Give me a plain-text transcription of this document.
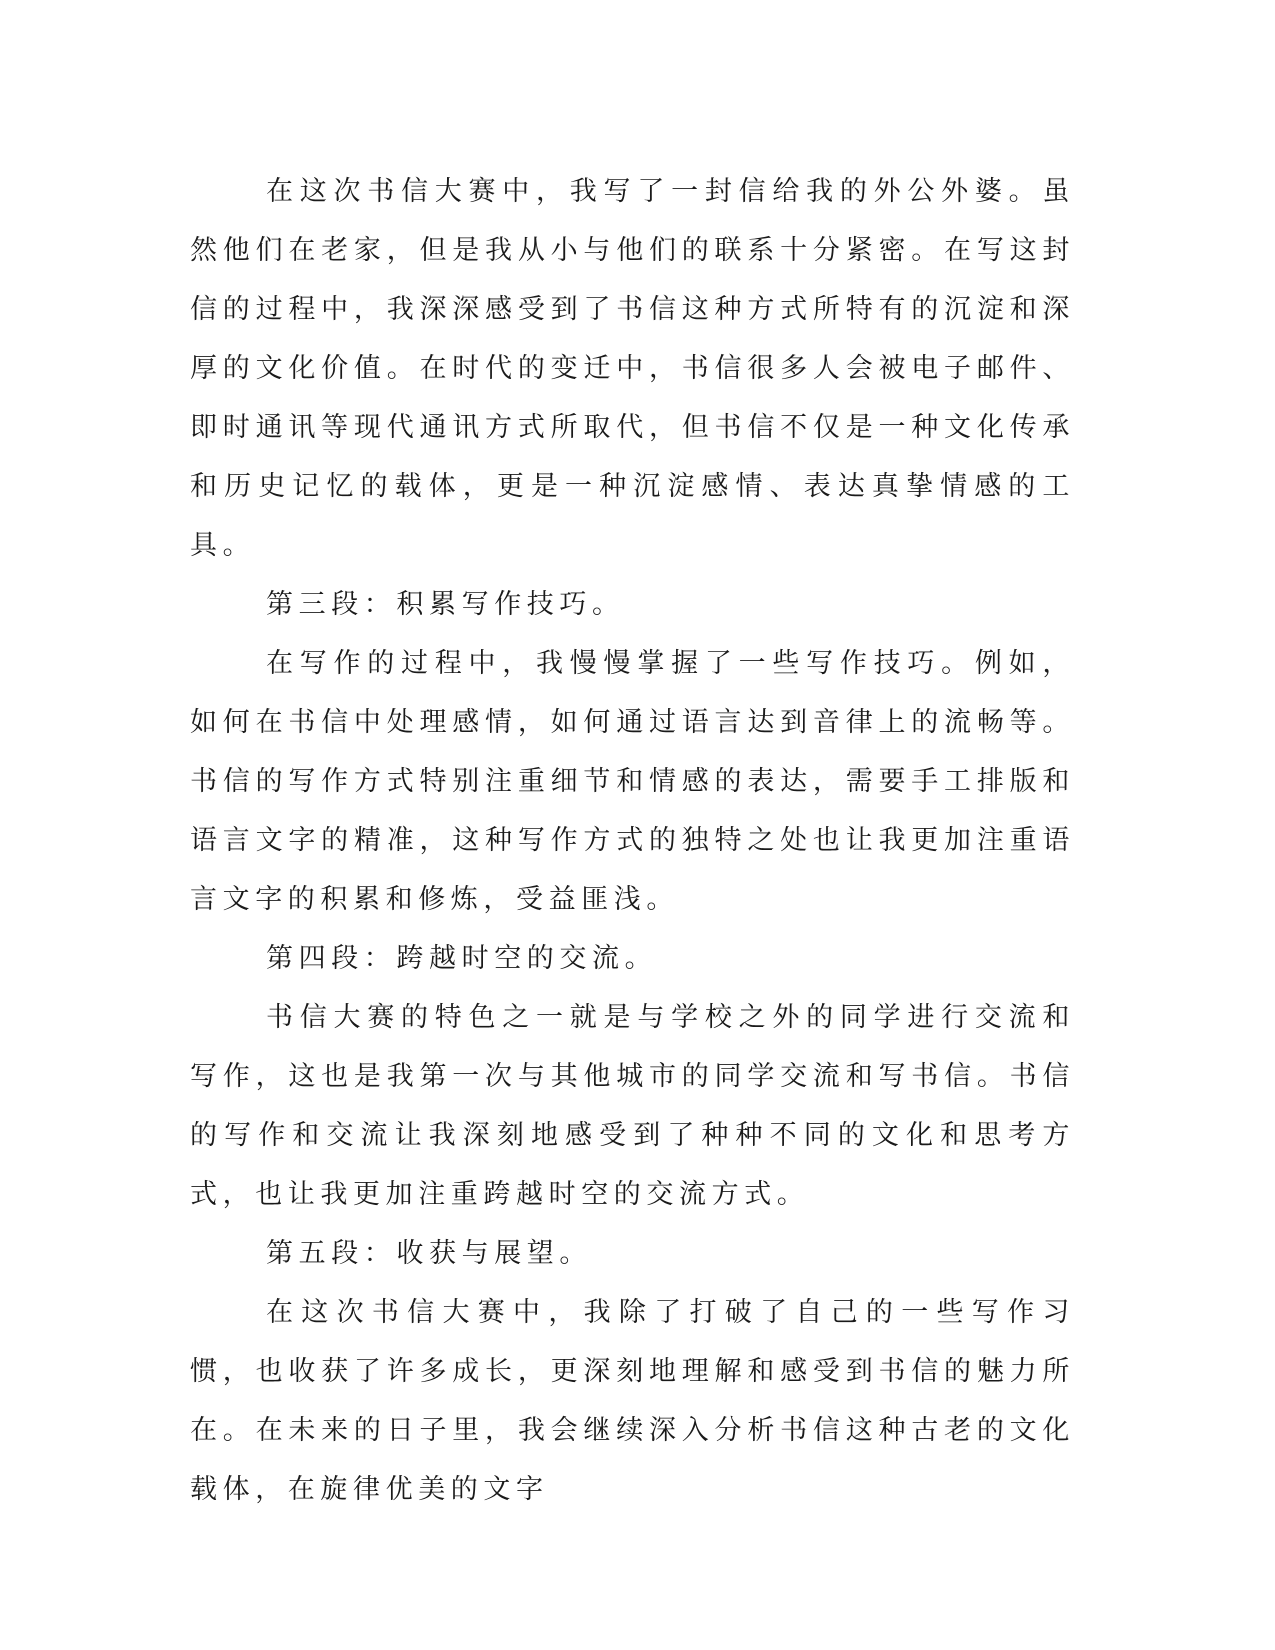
在这次书信大赛中，我写了一封信给我的外公外婆。虽然他们在老家，但是我从小与他们的联系十分紧密。在写这封信的过程中，我深深感受到了书信这种方式所特有的沉淀和深厚的文化价值。在时代的变迁中，书信很多人会被电子邮件、即时通讯等现代通讯方式所取代，但书信不仅是一种文化传承和历史记忆的载体，更是一种沉淀感情、表达真挚情感的工具。

第三段：积累写作技巧。

在写作的过程中，我慢慢掌握了一些写作技巧。例如，如何在书信中处理感情，如何通过语言达到音律上的流畅等。书信的写作方式特别注重细节和情感的表达，需要手工排版和语言文字的精准，这种写作方式的独特之处也让我更加注重语言文字的积累和修炼，受益匪浅。

第四段：跨越时空的交流。

书信大赛的特色之一就是与学校之外的同学进行交流和写作，这也是我第一次与其他城市的同学交流和写书信。书信的写作和交流让我深刻地感受到了种种不同的文化和思考方式，也让我更加注重跨越时空的交流方式。

第五段：收获与展望。

在这次书信大赛中，我除了打破了自己的一些写作习惯，也收获了许多成长，更深刻地理解和感受到书信的魅力所在。在未来的日子里，我会继续深入分析书信这种古老的文化载体，在旋律优美的文字
